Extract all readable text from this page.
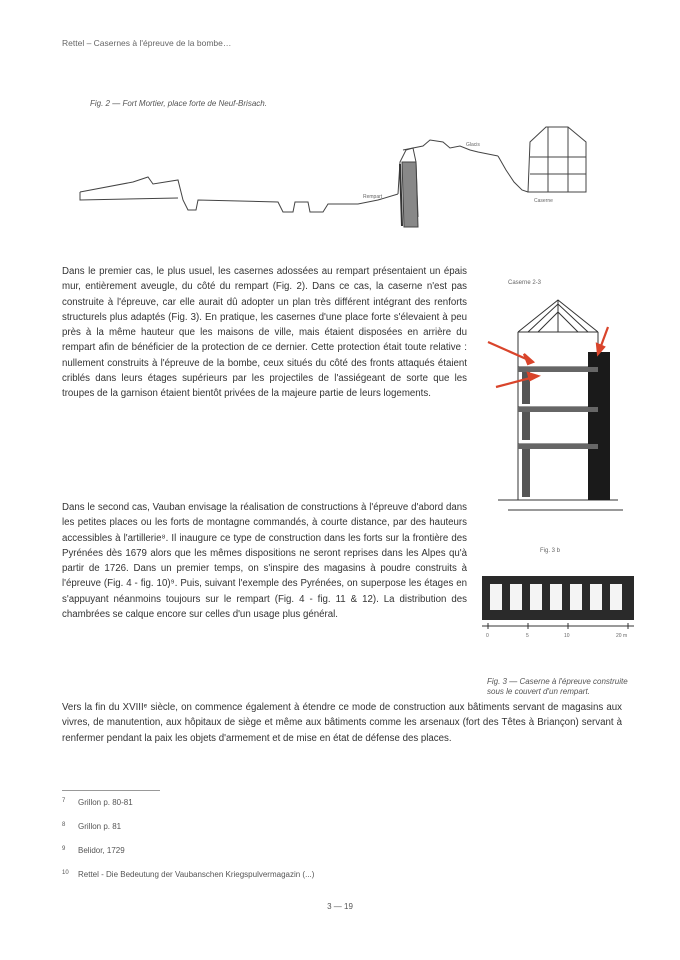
Rettel – Casernes à l'épreuve de la bombe…
Fig. 2 — Fort Mortier, place forte de Neuf-Brisach.
Caserne
Glacis
Rempart

Dans le premier cas, le plus usuel, les casernes adossées au rempart présentaient un épais mur, entièrement aveugle, du côté du rempart (Fig. 2). Dans ce cas, la caserne n'est pas construite à l'épreuve, car elle aurait dû adopter un plan très différent intégrant des renforts structurels plus adaptés (Fig. 3). En pratique, les casernes d'une place forte s'élevaient à peu près à la même hauteur que les maisons de ville, mais étaient disposées en arrière du rempart afin de bénéficier de la protection de ce dernier. Cette protection était toute relative : nullement construits à l'épreuve de la bombe, ceux situés du côté des fronts attaqués étaient criblés dans leurs étages supérieurs par les projectiles de l'assiégeant de sorte que les troupes de la garnison étaient bientôt privées de la majeure partie de leurs logements.

Dans le second cas, Vauban envisage la réalisation de constructions à l'épreuve d'abord dans les petites places ou les forts de montagne commandés, à courte distance, par des hauteurs accessibles à l'artillerie⁸. Il inaugure ce type de construction dans les forts sur la frontière des Pyrénées dès 1679 alors que les mêmes dispositions ne seront reprises dans les Alpes qu'à partir de 1726. Dans un premier temps, on s'inspire des magasins à poudre construits à l'épreuve (Fig. 4 - fig. 10)⁹. Puis, suivant l'exemple des Pyrénées, on superpose les étages en s'appuyant néanmoins toujours sur le rempart (Fig. 4 - fig. 11 & 12). La distribution des chambrées se calque encore sur celles d'un usage plus général.

Vers la fin du XVIIIᵉ siècle, on commence également à étendre ce mode de construction aux bâtiments servant de magasins aux vivres, de manutention, aux hôpitaux de siège et même aux bâtiments comme les arsenaux (fort des Têtes à Briançon) servant à renfermer pendant la paix les objets d'armement et de mise en état de défense des places.

Caserne 2-3
Fig. 3 b
0	5	10	20 m
Fig. 3 — Caserne à l'épreuve construite sous le couvert d'un rempart.
7	Grillon p. 80-81
8	Grillon p. 81
9	Belidor, 1729
10	Rettel - Die Bedeutung der Vaubanschen Kriegspulvermagazin (...)
3 — 19
